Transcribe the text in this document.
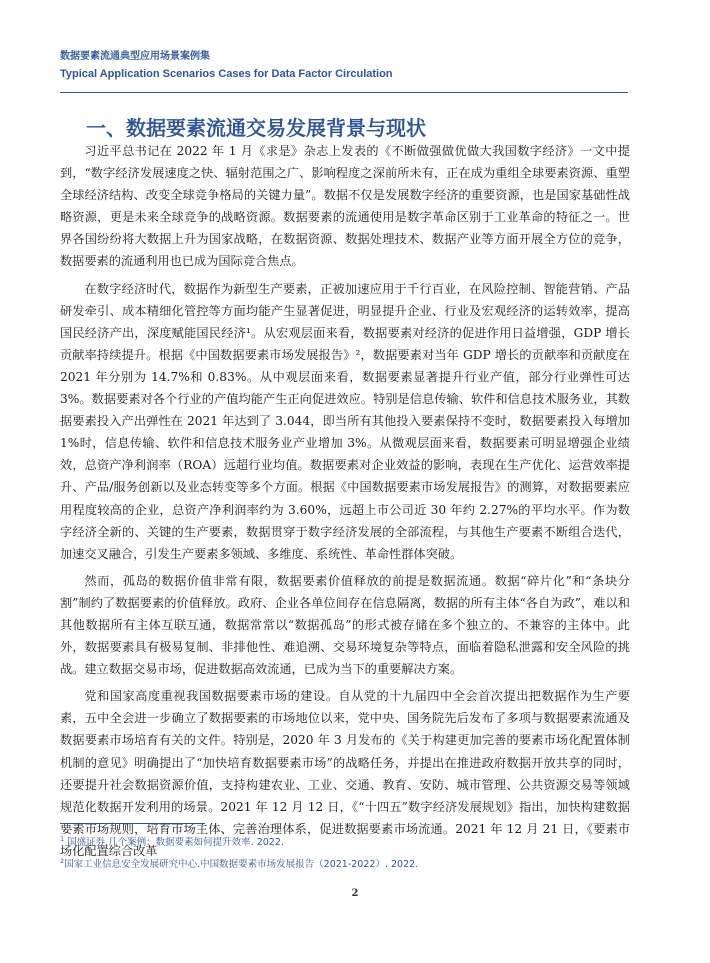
数据要素流通典型应用场景案例集
Typical Application Scenarios Cases for Data Factor Circulation
一、数据要素流通交易发展背景与现状

习近平总书记在 2022 年 1 月《求是》杂志上发表的《不断做强做优做大我国数字经济》一文中提到，“数字经济发展速度之快、辐射范围之广、影响程度之深前所未有，正在成为重组全球要素资源、重塑全球经济结构、改变全球竞争格局的关键力量”。数据不仅是发展数字经济的重要资源，也是国家基础性战略资源，更是未来全球竞争的战略资源。数据要素的流通使用是数字革命区别于工业革命的特征之一。世界各国纷纷将大数据上升为国家战略，在数据资源、数据处理技术、数据产业等方面开展全方位的竞争，数据要素的流通利用也已成为国际竞合焦点。

在数字经济时代，数据作为新型生产要素，正被加速应用于千行百业，在风险控制、智能营销、产品研发牵引、成本精细化管控等方面均能产生显著促进，明显提升企业、行业及宏观经济的运转效率，提高国民经济产出，深度赋能国民经济¹。从宏观层面来看，数据要素对经济的促进作用日益增强，GDP 增长贡献率持续提升。根据《中国数据要素市场发展报告》²，数据要素对当年 GDP 增长的贡献率和贡献度在 2021 年分别为 14.7%和 0.83%。从中观层面来看，数据要素显著提升行业产值，部分行业弹性可达 3%。数据要素对各个行业的产值均能产生正向促进效应。特别是信息传输、软件和信息技术服务业，其数据要素投入产出弹性在 2021 年达到了 3.044，即当所有其他投入要素保持不变时，数据要素投入每增加 1%时，信息传输、软件和信息技术服务业产业增加 3%。从微观层面来看，数据要素可明显增强企业绩效，总资产净利润率（ROA）远超行业均值。数据要素对企业效益的影响，表现在生产优化、运营效率提升、产品/服务创新以及业态转变等多个方面。根据《中国数据要素市场发展报告》的测算，对数据要素应用程度较高的企业，总资产净利润率约为 3.60%，远超上市公司近 30 年约 2.27%的平均水平。作为数字经济全新的、关键的生产要素，数据贯穿于数字经济发展的全部流程，与其他生产要素不断组合迭代，加速交叉融合，引发生产要素多领域、多维度、系统性、革命性群体突破。

然而，孤岛的数据价值非常有限，数据要素价值释放的前提是数据流通。数据“碎片化”和“条块分割”制约了数据要素的价值释放。政府、企业各单位间存在信息隔离，数据的所有主体“各自为政”，难以和其他数据所有主体互联互通，数据常常以“数据孤岛”的形式被存储在多个独立的、不兼容的主体中。此外，数据要素具有极易复制、非排他性、难追溯、交易环境复杂等特点，面临着隐私泄露和安全风险的挑战。建立数据交易市场，促进数据高效流通，已成为当下的重要解决方案。

党和国家高度重视我国数据要素市场的建设。自从党的十九届四中全会首次提出把数据作为生产要素，五中全会进一步确立了数据要素的市场地位以来，党中央、国务院先后发布了多项与数据要素流通及数据要素市场培育有关的文件。特别是，2020 年 3 月发布的《关于构建更加完善的要素市场化配置体制机制的意见》明确提出了“加快培育数据要素市场”的战略任务，并提出在推进政府数据开放共享的同时，还要提升社会数据资源价值，支持构建农业、工业、交通、教育、安防、城市管理、公共资源交易等领域规范化数据开发利用的场景。2021 年 12 月 12 日，《“十四五”数字经济发展规划》指出，加快构建数据要素市场规则，培育市场主体、完善治理体系，促进数据要素市场流通。2021 年 12 月 21 日，《要素市场化配置综合改革

$^1$ 国盛证券.几个案例：数据要素如何提升效率. 2022.
$^2$国家工业信息安全发展研究中心.中国数据要素市场发展报告（2021-2022）. 2022.
2
